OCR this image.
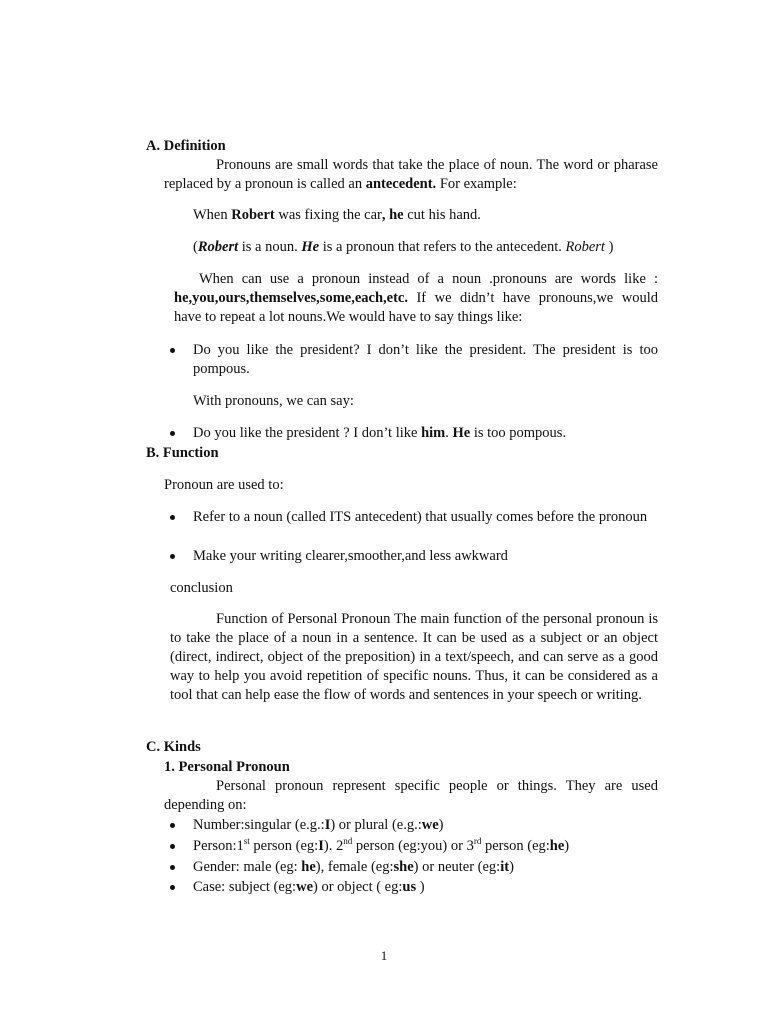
A. Definition
Pronouns are small words that take the place of noun. The word or pharase replaced by a pronoun is called an antecedent. For example:
When Robert was fixing the car, he cut his hand.
(Robert is a noun. He is a pronoun that refers to the antecedent. Robert )
When can use a pronoun instead of a noun .pronouns are words like : he,you,ours,themselves,some,each,etc. If we didn’t have pronouns,we would have to repeat a lot nouns.We would have to say things like:
Do you like the president? I don’t like the president. The president is too pompous.
With pronouns, we can say:
Do you like the president ? I don’t like him. He is too pompous.
B. Function
Pronoun are used to:
Refer to a noun (called ITS antecedent) that usually comes before the pronoun
Make your writing clearer,smoother,and less awkward
conclusion
Function of Personal Pronoun The main function of the personal pronoun is to take the place of a noun in a sentence. It can be used as a subject or an object (direct, indirect, object of the preposition) in a text/speech, and can serve as a good way to help you avoid repetition of specific nouns. Thus, it can be considered as a tool that can help ease the flow of words and sentences in your speech or writing.
C. Kinds
1. Personal Pronoun
Personal pronoun represent specific people or things. They are used depending on:
Number:singular (e.g.:I) or plural (e.g.:we)
Person:1st person (eg:I). 2nd person (eg:you) or 3rd person (eg:he)
Gender: male (eg: he), female (eg:she) or neuter (eg:it)
Case: subject (eg:we) or object ( eg:us )
1
